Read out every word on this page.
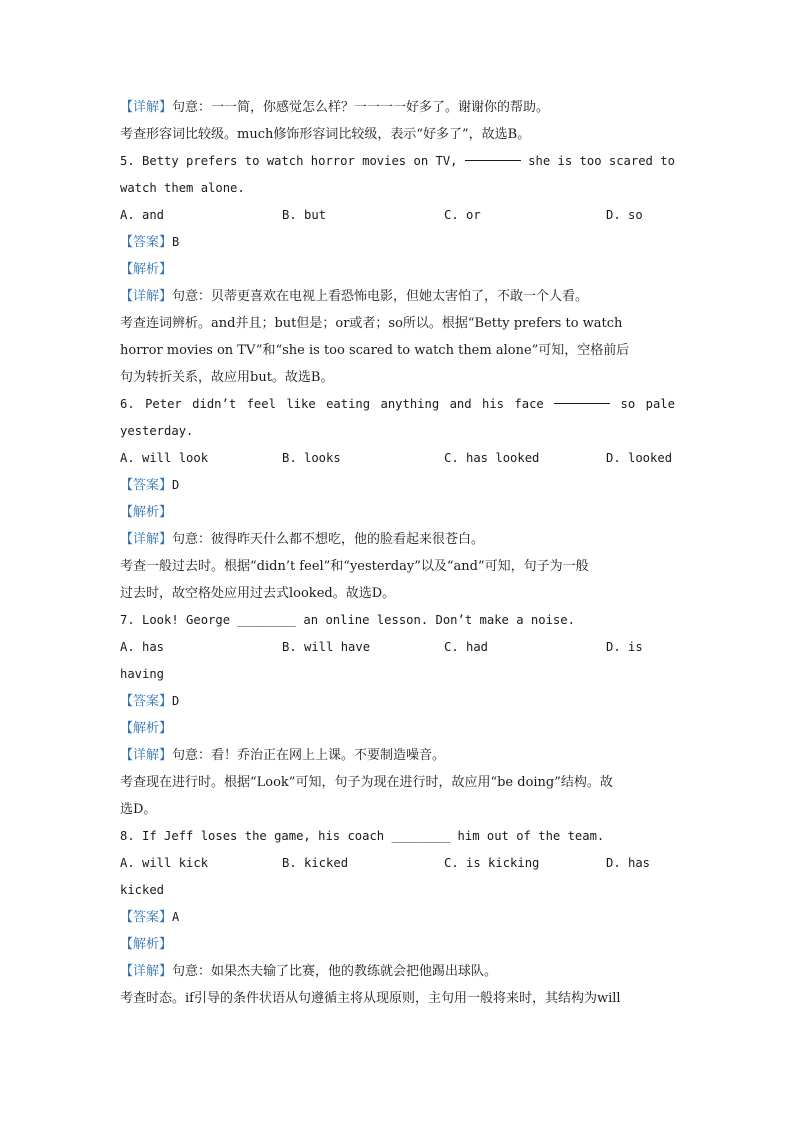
【详解】句意：一一简，你感觉怎么样？一一一一好多了。谢谢你的帮助。
考查形容词比较级。much修饰形容词比较级，表示“好多了”，故选B。
5. Betty prefers to watch horror movies on TV,	she is too scared to
watch them alone.
A. and	B. but	C. or	D. so
【答案】B
【解析】
【详解】句意：贝蒂更喜欢在电视上看恐怖电影，但她太害怕了，不敢一个人看。
考查连词辨析。and并且；but但是；or或者；so所以。根据“Betty prefers to watch
horror movies on TV”和“she is too scared to watch them alone”可知，空格前后
句为转折关系，故应用but。故选B。
6. Peter didn’t feel like eating anything and his face	so pale
yesterday.
A. will look	B. looks	C. has looked	D. looked
【答案】D
【解析】
【详解】句意：彼得昨天什么都不想吃，他的脸看起来很苍白。
考查一般过去时。根据“didn’t feel”和“yesterday”以及“and”可知，句子为一般
过去时，故空格处应用过去式looked。故选D。
7. Look! George ________ an online lesson. Don’t make a noise.
A. has	B. will have	C. had	D. is
having
【答案】D
【解析】
【详解】句意：看！乔治正在网上上课。不要制造噪音。
考查现在进行时。根据“Look”可知，句子为现在进行时，故应用“be doing”结构。故
选D。
8. If Jeff loses the game, his coach ________ him out of the team.
A. will kick	B. kicked	C. is kicking	D. has
kicked
【答案】A
【解析】
【详解】句意：如果杰夫输了比赛，他的教练就会把他踢出球队。
考查时态。if引导的条件状语从句遵循主将从现原则，主句用一般将来时，其结构为will
